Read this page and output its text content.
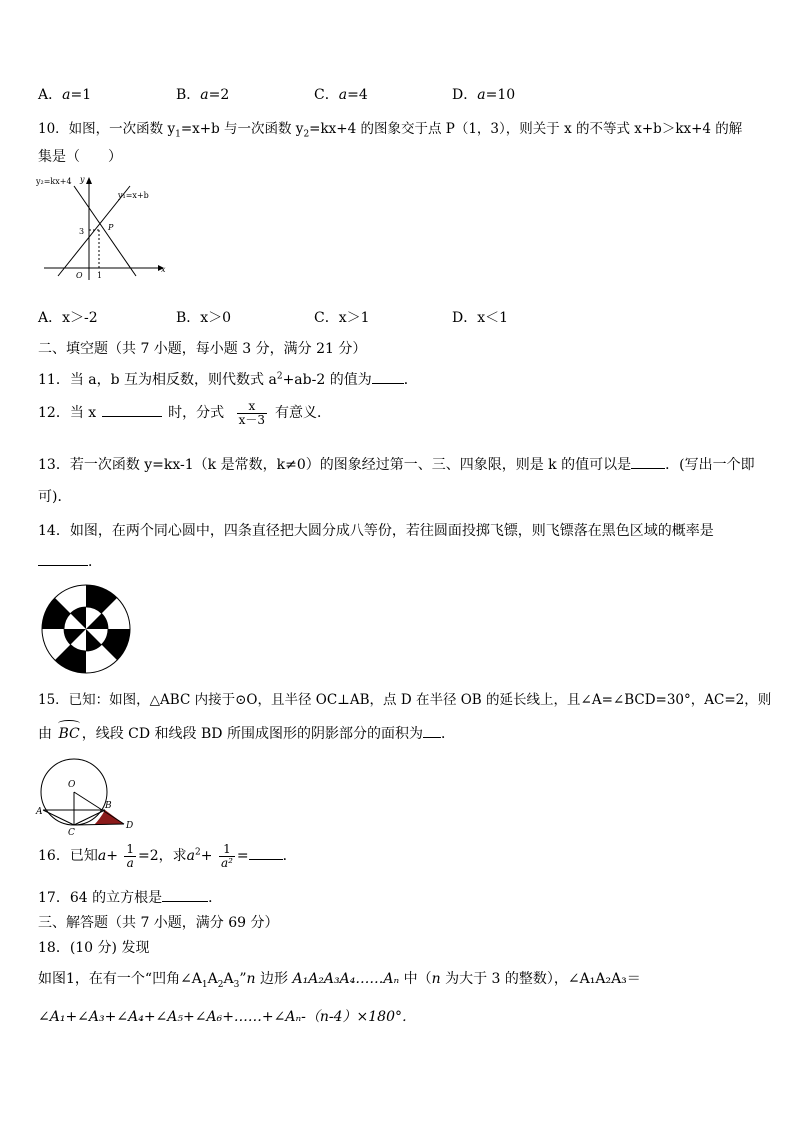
A．a=1	B．a=2	C．a=4	D．a=10
10．如图，一次函数 $y_1=x+b$ 与一次函数 $y_2=kx+4$ 的图象交于点 P（1，3），则关于 x 的不等式 x+b＞kx+4 的解
集是（　　）
y₂=kx+4 y
y₁=x+b
3	P
O 1
x
A．x＞-2	B．x＞0	C．x＞1	D．x＜1
二、填空题（共 7 小题，每小题 3 分，满分 21 分）
11．当 a，b 互为相反数，则代数式 $a^2+ab-2$ 的值为 ．
12．当 x	时，分式 $\frac{x}{x-3}$ 有意义．
13．若一次函数 y=kx-1（k 是常数，k≠0）的图象经过第一、三、四象限，则是 k 的值可以是 ．(写出一个即
可)．
14．如图，在两个同心圆中，四条直径把大圆分成八等份，若往圆面投掷飞镖，则飞镖落在黑色区域的概率是
．
15．已知：如图，△ABC 内接于⊙O，且半径 OC⊥AB，点 D 在半径 OB 的延长线上，且∠A=∠BCD=30°，AC=2，则
由 BC ，线段 CD 和线段 BD 所围成图形的阴影部分的面积为 ．
O
A
B
C
D
16．已知$a+ \frac{1}{a} =2$，求$a^2+ \frac{1}{\text{a²}}$ = ．
17．64 的立方根是	．
三、解答题（共 7 小题，满分 69 分）
18．(10 分) 发现
如图1，在有一个“凹角$\angle A_1A_2A_3”n$ 边形 A₁A₂A₃A₄……Aₙ 中（n 为大于 3 的整数），∠A₁A₂A₃＝
∠A₁+∠A₃+∠A₄+∠A₅+∠A₆+……+∠Aₙ-（n-4）×180°．
